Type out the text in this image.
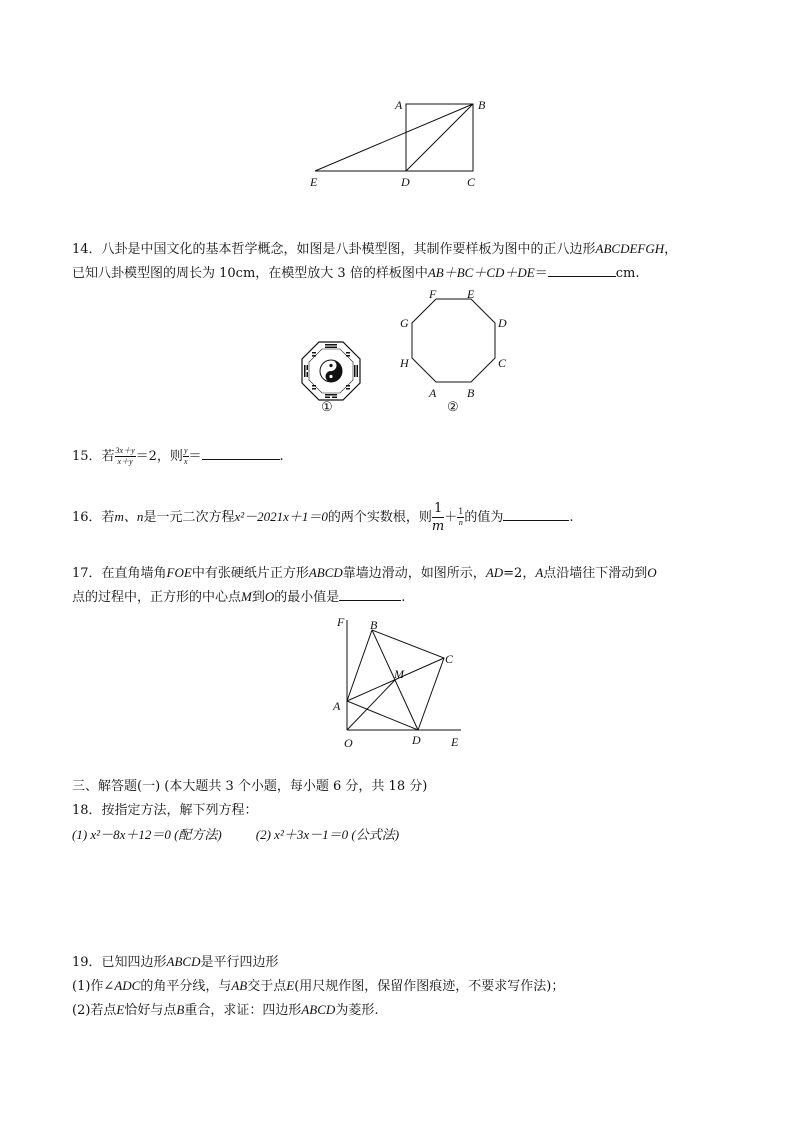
A	B
C
D
E
14．八卦是中国文化的基本哲学概念，如图是八卦模型图，其制作要样板为图中的正八边形ABCDEFGH，
已知八卦模型图的周长为 10cm，在模型放大 3 倍的样板图中AB＋BC＋CD＋DE＝	cm.
①
F	E
D
C
B
A
H
G
②
15．若 $\frac{3x+y}{x+y} =2$，则 $\frac{y}{x}$ ＝	.
16．若m、n是一元二次方程x²－2021x＋1＝0的两个实数根，则 $\frac{1}{m} + \frac{1}{n}$ 的值为	.
17．在直角墙角FOE中有张硬纸片正方形ABCD靠墙边滑动，如图所示，AD=2，A点沿墙往下滑动到O
点的过程中，正方形的中心点M到O的最小值是	.
F B
C
M
A
O	D	E
三、解答题(一) (本大题共 3 个小题，每小题 6 分，共 18 分)
18．按指定方法，解下列方程：
(1) x²－8x＋12＝0 (配方法)	(2) x²＋3x－1＝0 (公式法)
19．已知四边形ABCD是平行四边形
(1)作∠ADC的角平分线，与AB交于点E(用尺规作图，保留作图痕迹，不要求写作法)；
(2)若点E恰好与点B重合，求证：四边形ABCD为菱形.
